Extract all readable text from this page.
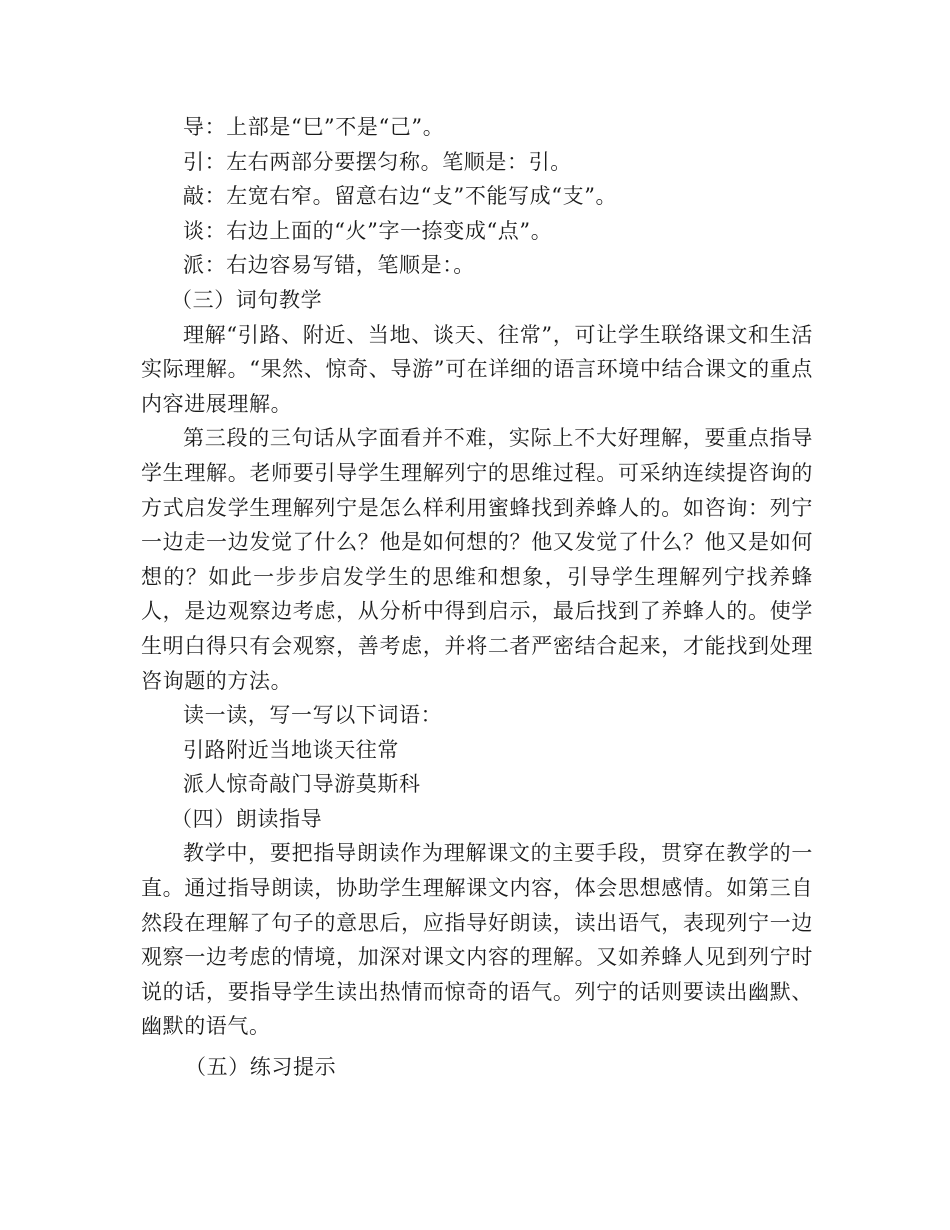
导：上部是“巳”不是“己”。
引：左右两部分要摆匀称。笔顺是：引。
敲：左宽右窄。留意右边“攴”不能写成“支”。
谈：右边上面的“火”字一捺变成“点”。
派：右边容易写错，笔顺是：。
（三）词句教学

理解“引路、附近、当地、谈天、往常”，可让学生联络课文和生活实际理解。“果然、惊奇、导游”可在详细的语言环境中结合课文的重点内容进展理解。

第三段的三句话从字面看并不难，实际上不大好理解，要重点指导学生理解。老师要引导学生理解列宁的思维过程。可采纳连续提咨询的方式启发学生理解列宁是怎么样利用蜜蜂找到养蜂人的。如咨询：列宁一边走一边发觉了什么？他是如何想的？他又发觉了什么？他又是如何想的？如此一步步启发学生的思维和想象，引导学生理解列宁找养蜂人，是边观察边考虑，从分析中得到启示，最后找到了养蜂人的。使学生明白得只有会观察，善考虑，并将二者严密结合起来，才能找到处理咨询题的方法。

读一读，写一写以下词语：
引路附近当地谈天往常
派人惊奇敲门导游莫斯科
（四）朗读指导

教学中，要把指导朗读作为理解课文的主要手段，贯穿在教学的一直。通过指导朗读，协助学生理解课文内容，体会思想感情。如第三自然段在理解了句子的意思后，应指导好朗读，读出语气，表现列宁一边观察一边考虑的情境，加深对课文内容的理解。又如养蜂人见到列宁时说的话，要指导学生读出热情而惊奇的语气。列宁的话则要读出幽默、幽默的语气。

（五）练习提示
